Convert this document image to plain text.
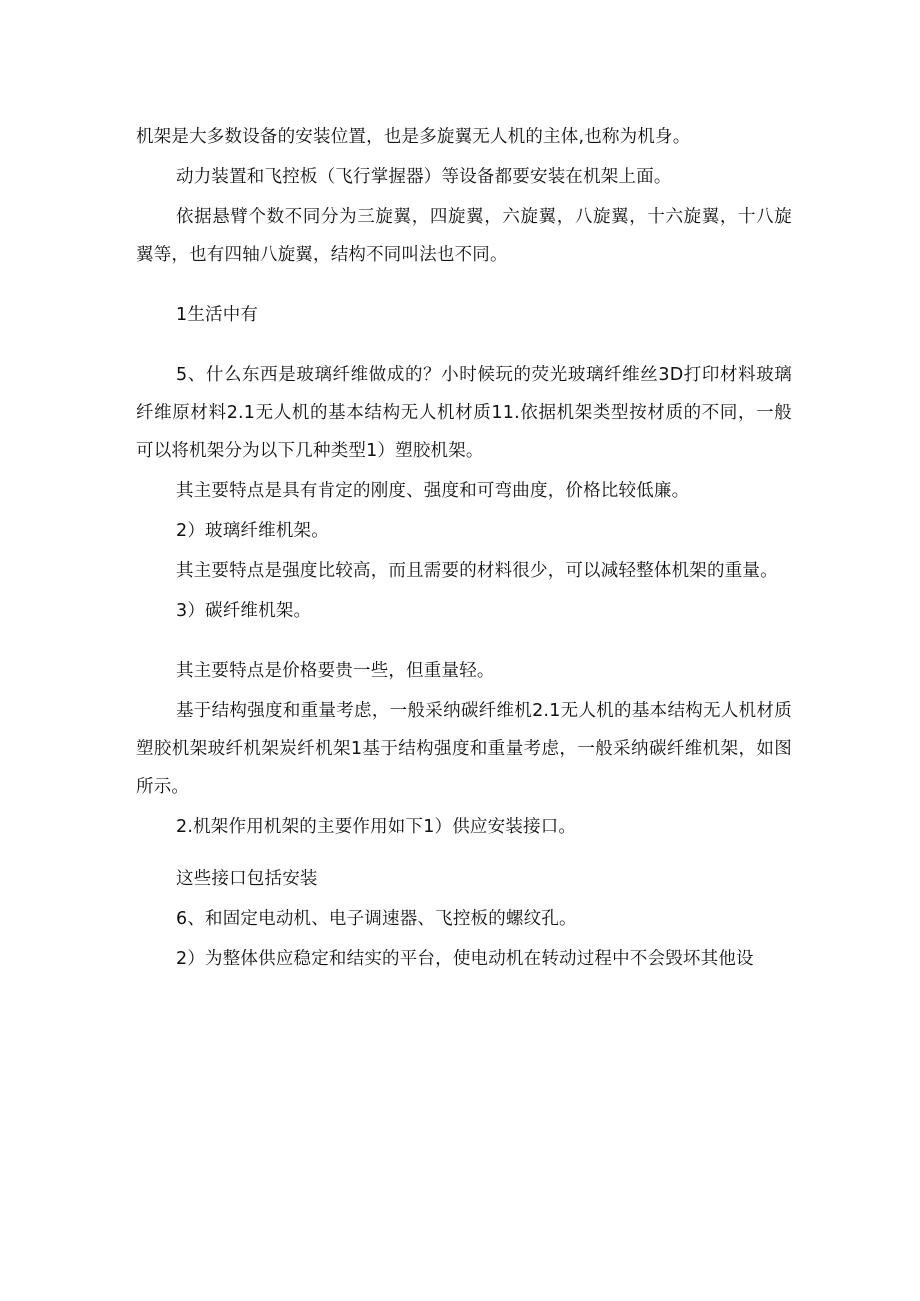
机架是大多数设备的安装位置，也是多旋翼无人机的主体,也称为机身。

动力装置和飞控板（飞行掌握器）等设备都要安装在机架上面。

依据悬臂个数不同分为三旋翼，四旋翼，六旋翼，八旋翼，十六旋翼，十八旋翼等，也有四轴八旋翼，结构不同叫法也不同。

1生活中有

5、什么东西是玻璃纤维做成的？小时候玩的荧光玻璃纤维丝3D打印材料玻璃纤维原材料2.1无人机的基本结构无人机材质11.依据机架类型按材质的不同，一般可以将机架分为以下几种类型1）塑胶机架。

其主要特点是具有肯定的刚度、强度和可弯曲度，价格比较低廉。

2）玻璃纤维机架。

其主要特点是强度比较高，而且需要的材料很少，可以减轻整体机架的重量。

3）碳纤维机架。

其主要特点是价格要贵一些，但重量轻。

基于结构强度和重量考虑，一般采纳碳纤维机2.1无人机的基本结构无人机材质塑胶机架玻纤机架炭纤机架1基于结构强度和重量考虑，一般采纳碳纤维机架，如图所示。

2.机架作用机架的主要作用如下1）供应安装接口。

这些接口包括安装

6、和固定电动机、电子调速器、飞控板的螺纹孔。

2）为整体供应稳定和结实的平台，使电动机在转动过程中不会毁坏其他设
